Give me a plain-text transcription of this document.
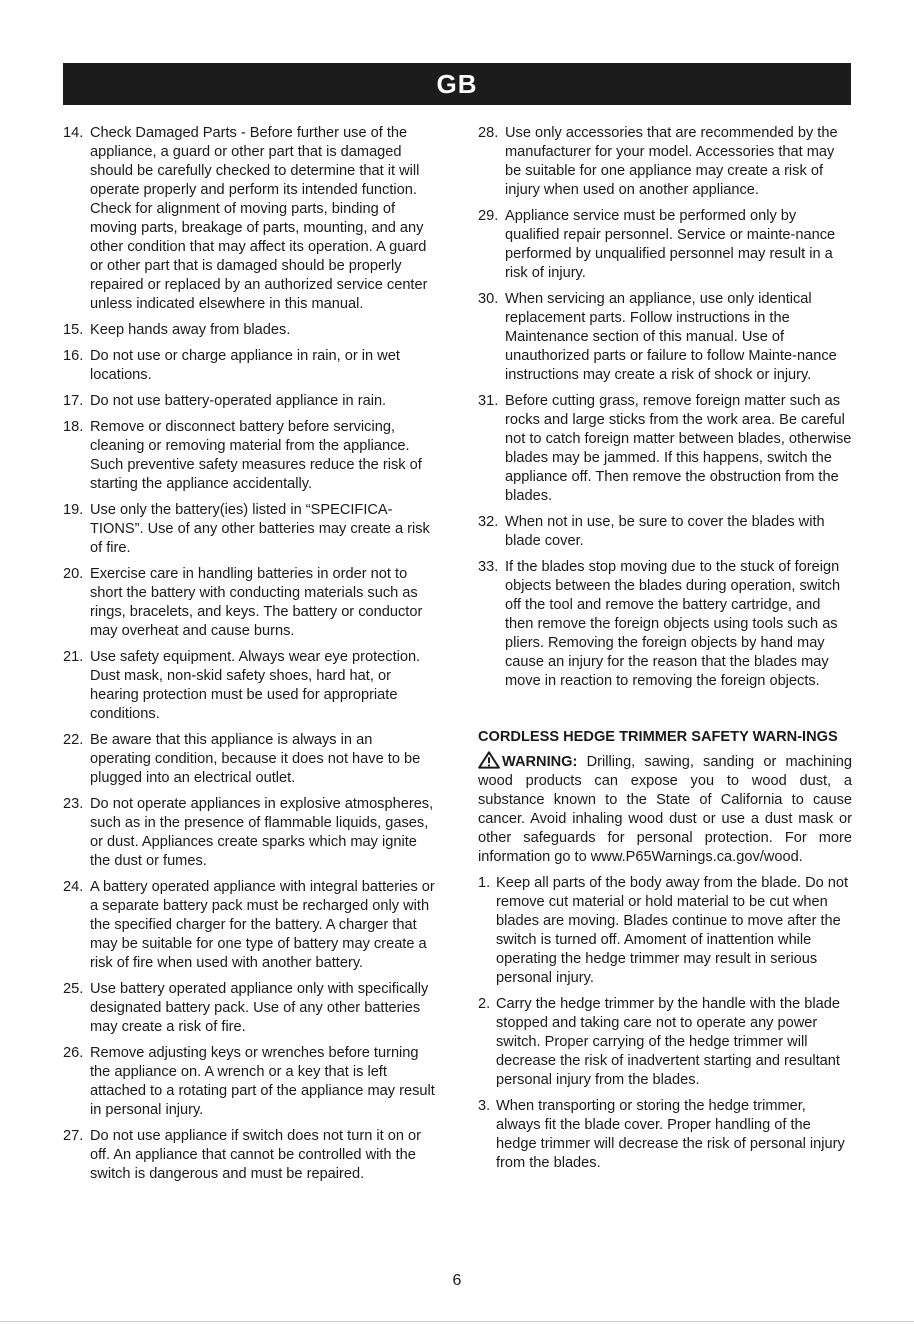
GB
14. Check Damaged Parts - Before further use of the appliance, a guard or other part that is damaged should be carefully checked to determine that it will operate properly and perform its intended function. Check for alignment of moving parts, binding of moving parts, breakage of parts, mounting, and any other condition that may affect its operation. A guard or other part that is damaged should be properly repaired or replaced by an authorized service center unless indicated elsewhere in this manual.
15. Keep hands away from blades.
16. Do not use or charge appliance in rain, or in wet locations.
17. Do not use battery-operated appliance in rain.
18. Remove or disconnect battery before servicing, cleaning or removing material from the appliance. Such preventive safety measures reduce the risk of starting the appliance accidentally.
19. Use only the battery(ies) listed in “SPECIFICA-TIONS”. Use of any other batteries may create a risk of fire.
20. Exercise care in handling batteries in order not to short the battery with conducting materials such as rings, bracelets, and keys. The battery or conductor may overheat and cause burns.
21. Use safety equipment. Always wear eye protection. Dust mask, non-skid safety shoes, hard hat, or hearing protection must be used for appropriate conditions.
22. Be aware that this appliance is always in an operating condition, because it does not have to be plugged into an electrical outlet.
23. Do not operate appliances in explosive atmospheres, such as in the presence of flammable liquids, gases, or dust. Appliances create sparks which may ignite the dust or fumes.
24. A battery operated appliance with integral batteries or a separate battery pack must be recharged only with the specified charger for the battery. A charger that may be suitable for one type of battery may create a risk of fire when used with another battery.
25. Use battery operated appliance only with specifically designated battery pack. Use of any other batteries may create a risk of fire.
26. Remove adjusting keys or wrenches before turning the appliance on. A wrench or a key that is left attached to a rotating part of the appliance may result in personal injury.
27. Do not use appliance if switch does not turn it on or off. An appliance that cannot be controlled with the switch is dangerous and must be repaired.
28. Use only accessories that are recommended by the manufacturer for your model. Accessories that may be suitable for one appliance may create a risk of injury when used on another appliance.
29. Appliance service must be performed only by qualified repair personnel. Service or mainte-nance performed by unqualified personnel may result in a risk of injury.
30. When servicing an appliance, use only identical replacement parts. Follow instructions in the Maintenance section of this manual. Use of unauthorized parts or failure to follow Mainte-nance instructions may create a risk of shock or injury.
31. Before cutting grass, remove foreign matter such as rocks and large sticks from the work area. Be careful not to catch foreign matter between blades, otherwise blades may be jammed. If this happens, switch the appliance off. Then remove the obstruction from the blades.
32. When not in use, be sure to cover the blades with blade cover.
33. If the blades stop moving due to the stuck of foreign objects between the blades during operation, switch off the tool and remove the battery cartridge, and then remove the foreign objects using tools such as pliers. Removing the foreign objects by hand may cause an injury for the reason that the blades may move in reaction to removing the foreign objects.
CORDLESS HEDGE TRIMMER SAFETY WARN-INGS

WARNING: Drilling, sawing, sanding or machining wood products can expose you to wood dust, a substance known to the State of California to cause cancer. Avoid inhaling wood dust or use a dust mask or other safeguards for personal protection. For more information go to www.P65Warnings.ca.gov/wood.

1. Keep all parts of the body away from the blade. Do not remove cut material or hold material to be cut when blades are moving. Blades continue to move after the switch is turned off. Amoment of inattention while operating the hedge trimmer may result in serious personal injury.
2. Carry the hedge trimmer by the handle with the blade stopped and taking care not to operate any power switch. Proper carrying of the hedge trimmer will decrease the risk of inadvertent starting and resultant personal injury from the blades.
3. When transporting or storing the hedge trimmer, always fit the blade cover. Proper handling of the hedge trimmer will decrease the risk of personal injury from the blades.
6
